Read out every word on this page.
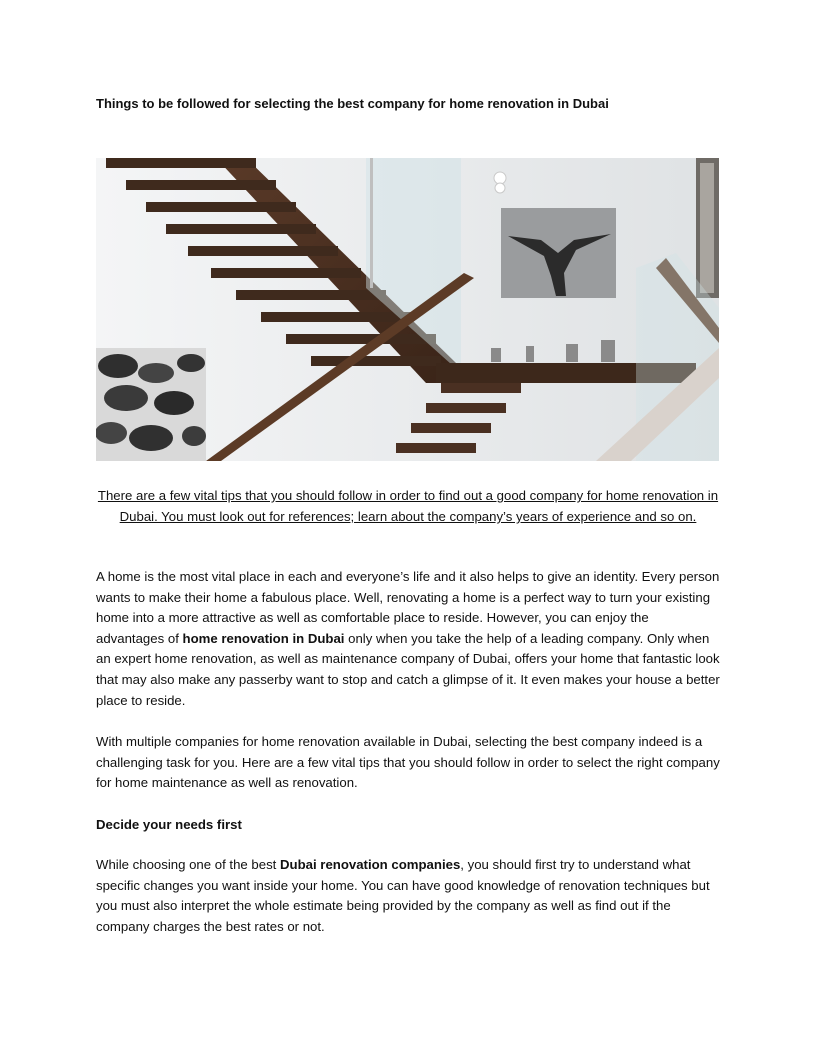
Things to be followed for selecting the best company for home renovation in Dubai

There are a few vital tips that you should follow in order to find out a good company for home renovation in Dubai. You must look out for references; learn about the company’s years of experience and so on.

A home is the most vital place in each and everyone’s life and it also helps to give an identity. Every person wants to make their home a fabulous place. Well, renovating a home is a perfect way to turn your existing home into a more attractive as well as comfortable place to reside. However, you can enjoy the advantages of home renovation in Dubai only when you take the help of a leading company. Only when an expert home renovation, as well as maintenance company of Dubai, offers your home that fantastic look that may also make any passerby want to stop and catch a glimpse of it. It even makes your house a better place to reside.

With multiple companies for home renovation available in Dubai, selecting the best company indeed is a challenging task for you. Here are a few vital tips that you should follow in order to select the right company for home maintenance as well as renovation.

Decide your needs first

While choosing one of the best Dubai renovation companies, you should first try to understand what specific changes you want inside your home. You can have good knowledge of renovation techniques but you must also interpret the whole estimate being provided by the company as well as find out if the company charges the best rates or not.
